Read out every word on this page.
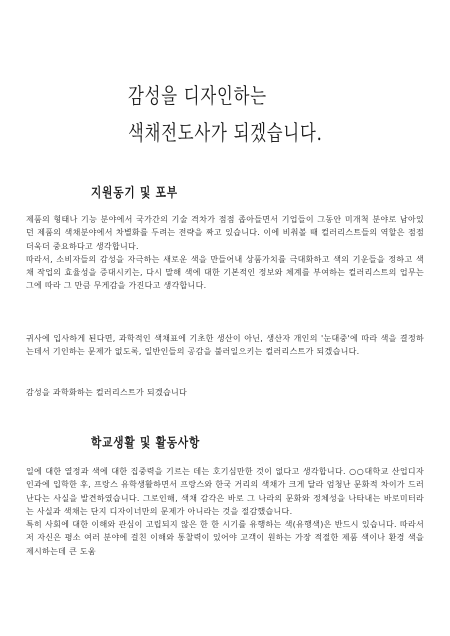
감성을 디자인하는
색채전도사가 되겠습니다.
지원동기 및 포부

제품의 형태나 기능 분야에서 국가간의 기술 격차가 점점 좁아들면서 기업들이 그동안 미개척 분야로 남아있던 제품의 색채분야에서 차별화를 두려는 전략을 짜고 있습니다. 이에 비춰볼 때 컬러리스트들의 역할은 점점 더욱더 중요하다고 생각합니다.
따라서, 소비자들의 감성을 자극하는 새로운 색을 만들어내 상품가치를 극대화하고 색의 기운들을 정하고 색채 작업의 효율성을 증대시키는, 다시 말해 색에 대한 기본적인 정보와 체계를 부여하는 컬러리스트의 업무는 그에 따라 그 만큼 무게감을 가진다고 생각합니다.

귀사에 입사하게 된다면, 과학적인 색채표에 기초한 생산이 아닌, 생산자 개인의 '눈대중'에 따라 색을 결정하는데서 기인하는 문제가 없도록, 일반인들의 공감을 불러일으키는 컬러리스트가 되겠습니다.

감성을 과학화하는 컬러리스트가 되겠습니다

학교생활 및 활동사항

일에 대한 열정과 색에 대한 집중력을 기르는 데는 호기심만한 것이 없다고 생각합니다. ○○대학교 산업디자인과에 입학한 후, 프랑스 유학생활하면서 프랑스와 한국 거리의 색채가 크게 달라 엄청난 문화적 차이가 드러난다는 사실을 발견하였습니다. 그로인해, 색채 감각은 바로 그 나라의 문화와 정체성을 나타내는 바로미터라는 사실과 색채는 단지 디자이너만의 문제가 아니라는 것을 절감했습니다.
특히 사회에 대한 이해와 관심이 고립되지 않은 한 한 시기를 유행하는 색(유행색)은 반드시 있습니다. 따라서 저 자신은 평소 여러 분야에 걸친 이해와 통찰력이 있어야 고객이 원하는 가장 적절한 제품 색이나 환경 색을 제시하는데 큰 도움
